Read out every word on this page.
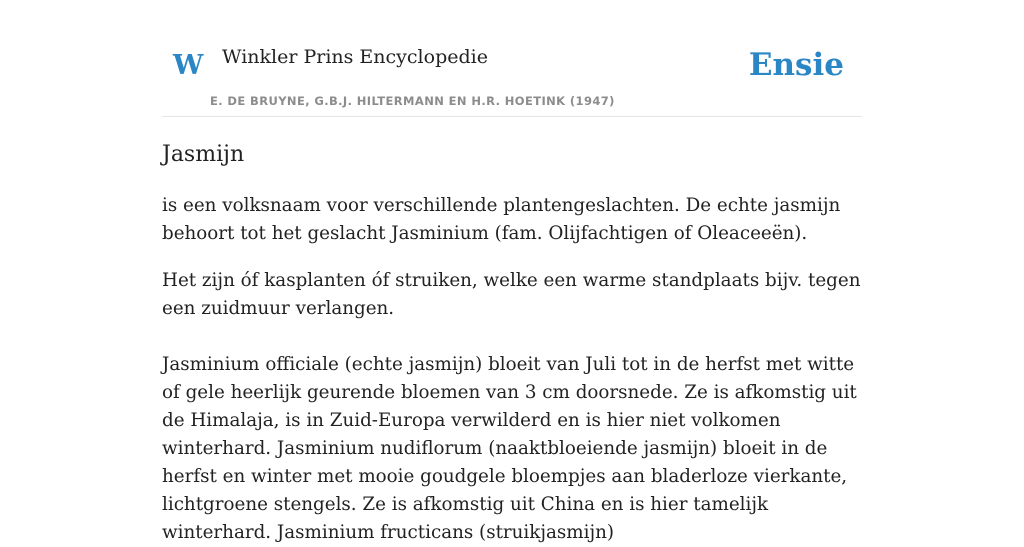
W Winkler Prins Encyclopedie
E. DE BRUYNE, G.B.J. HILTERMANN EN H.R. HOETINK (1947)
Ensie
Jasmijn

is een volksnaam voor verschillende plantengeslachten. De echte jasmijn behoort tot het geslacht Jasminium (fam. Olijfachtigen of Oleaceeën).

Het zijn óf kasplanten óf struiken, welke een warme standplaats bijv. tegen een zuidmuur verlangen.

Jasminium officiale (echte jasmijn) bloeit van Juli tot in de herfst met witte of gele heerlijk geurende bloemen van 3 cm doorsnede. Ze is afkomstig uit de Himalaja, is in Zuid-Europa verwilderd en is hier niet volkomen winterhard. Jasminium nudiflorum (naaktbloeiende jasmijn) bloeit in de herfst en winter met mooie goudgele bloempjes aan bladerloze vierkante, lichtgroene stengels. Ze is afkomstig uit China en is hier tamelijk winterhard. Jasminium fructicans (struikjasmijn)
